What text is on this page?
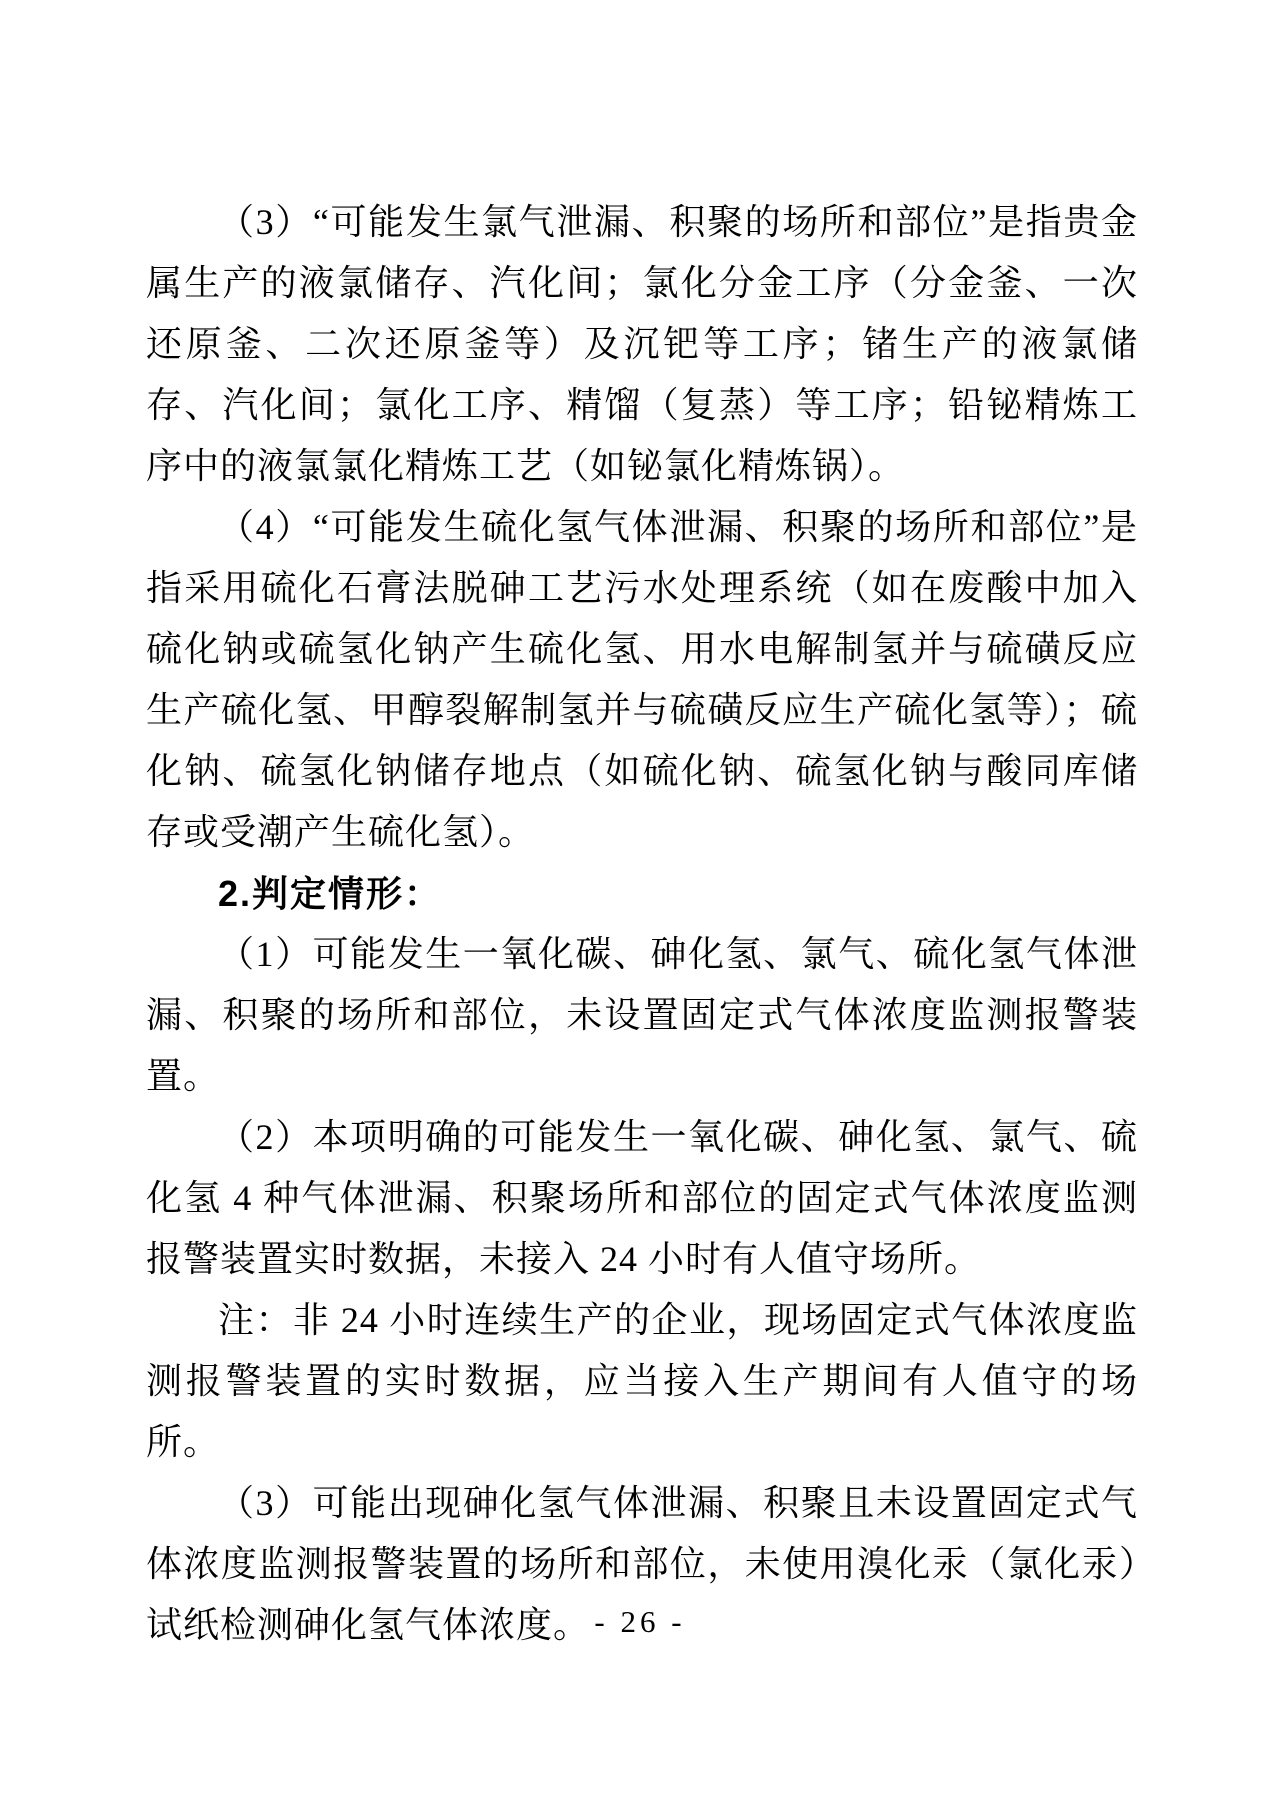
（3）“可能发生氯气泄漏、积聚的场所和部位”是指贵金属生产的液氯储存、汽化间；氯化分金工序（分金釜、一次还原釜、二次还原釜等）及沉钯等工序；锗生产的液氯储存、汽化间；氯化工序、精馏（复蒸）等工序；铅铋精炼工序中的液氯氯化精炼工艺（如铋氯化精炼锅）。

（4）“可能发生硫化氢气体泄漏、积聚的场所和部位”是指采用硫化石膏法脱砷工艺污水处理系统（如在废酸中加入硫化钠或硫氢化钠产生硫化氢、用水电解制氢并与硫磺反应生产硫化氢、甲醇裂解制氢并与硫磺反应生产硫化氢等）；硫化钠、硫氢化钠储存地点（如硫化钠、硫氢化钠与酸同库储存或受潮产生硫化氢）。

2.判定情形：

（1）可能发生一氧化碳、砷化氢、氯气、硫化氢气体泄漏、积聚的场所和部位，未设置固定式气体浓度监测报警装置。

（2）本项明确的可能发生一氧化碳、砷化氢、氯气、硫化氢 4 种气体泄漏、积聚场所和部位的固定式气体浓度监测报警装置实时数据，未接入 24 小时有人值守场所。

注：非 24 小时连续生产的企业，现场固定式气体浓度监测报警装置的实时数据，应当接入生产期间有人值守的场所。

（3）可能出现砷化氢气体泄漏、积聚且未设置固定式气体浓度监测报警装置的场所和部位，未使用溴化汞（氯化汞）试纸检测砷化氢气体浓度。 - 26 -
